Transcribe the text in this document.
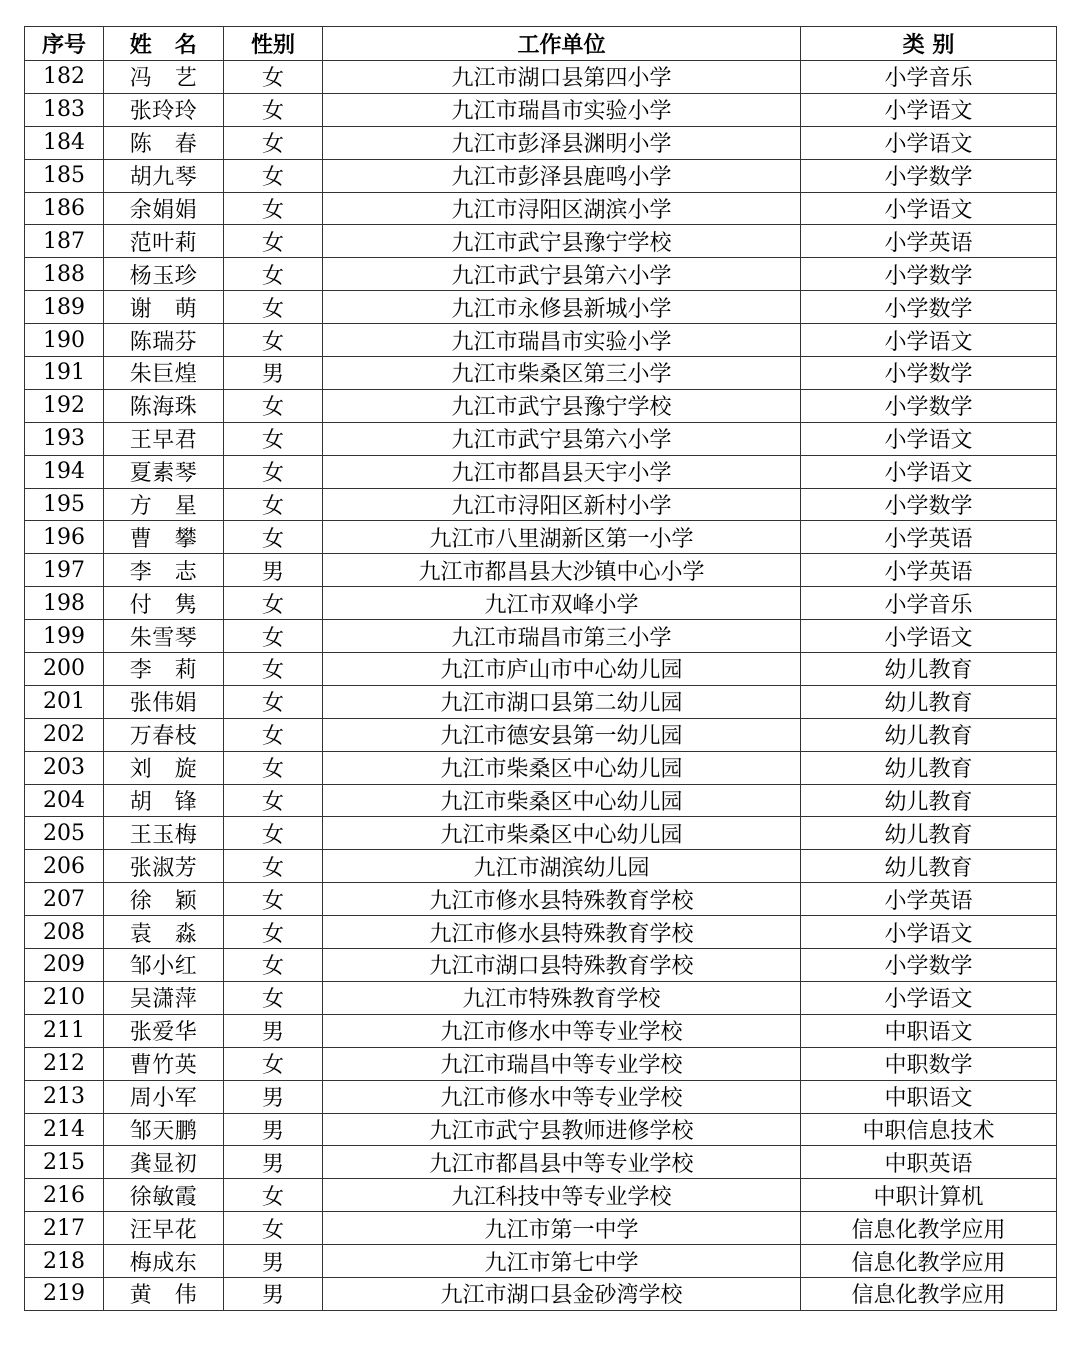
序号	姓　名	性别	工作单位	类 别
182	冯　艺	女	九江市湖口县第四小学	小学音乐
183	张玲玲	女	九江市瑞昌市实验小学	小学语文
184	陈　春	女	九江市彭泽县渊明小学	小学语文
185	胡九琴	女	九江市彭泽县鹿鸣小学	小学数学
186	余娟娟	女	九江市浔阳区湖滨小学	小学语文
187	范叶莉	女	九江市武宁县豫宁学校	小学英语
188	杨玉珍	女	九江市武宁县第六小学	小学数学
189	谢　萌	女	九江市永修县新城小学	小学数学
190	陈瑞芬	女	九江市瑞昌市实验小学	小学语文
191	朱巨煌	男	九江市柴桑区第三小学	小学数学
192	陈海珠	女	九江市武宁县豫宁学校	小学数学
193	王早君	女	九江市武宁县第六小学	小学语文
194	夏素琴	女	九江市都昌县天宇小学	小学语文
195	方　星	女	九江市浔阳区新村小学	小学数学
196	曹　攀	女	九江市八里湖新区第一小学	小学英语
197	李　志	男	九江市都昌县大沙镇中心小学	小学英语
198	付　隽	女	九江市双峰小学	小学音乐
199	朱雪琴	女	九江市瑞昌市第三小学	小学语文
200	李　莉	女	九江市庐山市中心幼儿园	幼儿教育
201	张伟娟	女	九江市湖口县第二幼儿园	幼儿教育
202	万春枝	女	九江市德安县第一幼儿园	幼儿教育
203	刘　旋	女	九江市柴桑区中心幼儿园	幼儿教育
204	胡　锋	女	九江市柴桑区中心幼儿园	幼儿教育
205	王玉梅	女	九江市柴桑区中心幼儿园	幼儿教育
206	张淑芳	女	九江市湖滨幼儿园	幼儿教育
207	徐　颖	女	九江市修水县特殊教育学校	小学英语
208	袁　淼	女	九江市修水县特殊教育学校	小学语文
209	邹小红	女	九江市湖口县特殊教育学校	小学数学
210	吴潇萍	女	九江市特殊教育学校	小学语文
211	张爱华	男	九江市修水中等专业学校	中职语文
212	曹竹英	女	九江市瑞昌中等专业学校	中职数学
213	周小军	男	九江市修水中等专业学校	中职语文
214	邹天鹏	男	九江市武宁县教师进修学校	中职信息技术
215	龚显初	男	九江市都昌县中等专业学校	中职英语
216	徐敏霞	女	九江科技中等专业学校	中职计算机
217	汪早花	女	九江市第一中学	信息化教学应用
218	梅成东	男	九江市第七中学	信息化教学应用
219	黄　伟	男	九江市湖口县金砂湾学校	信息化教学应用
